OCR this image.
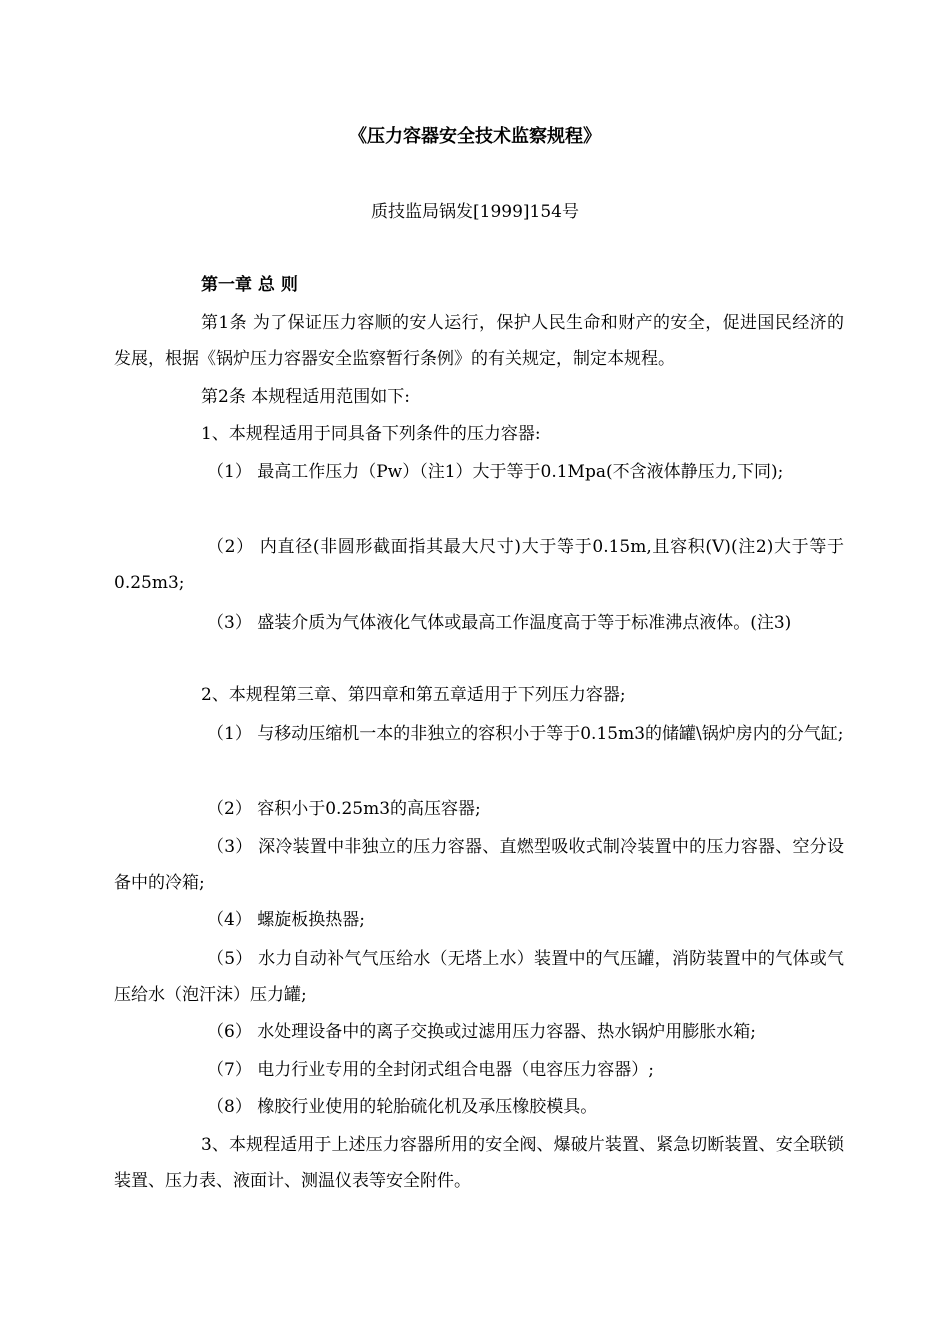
《压力容器安全技术监察规程》
质技监局锅发[1999]154号
第一章 总 则
第1条 为了保证压力容顺的安人运行，保护人民生命和财产的安全，促进国民经济的发展，根据《锅炉压力容器安全监察暂行条例》的有关规定，制定本规程。
第2条 本规程适用范围如下:
1、本规程适用于同具备下列条件的压力容器:
（1） 最高工作压力（Pw）（注1）大于等于0.1Mpa(不含液体静压力,下同);
（2） 内直径(非圆形截面指其最大尺寸)大于等于0.15m,且容积(V)(注2)大于等于0.25m3;
（3） 盛装介质为气体液化气体或最高工作温度高于等于标准沸点液体。(注3)
2、本规程第三章、第四章和第五章适用于下列压力容器;
（1） 与移动压缩机一本的非独立的容积小于等于0.15m3的储罐\锅炉房内的分气缸;
（2） 容积小于0.25m3的高压容器;
（3） 深冷装置中非独立的压力容器、直燃型吸收式制冷装置中的压力容器、空分设备中的冷箱;
（4） 螺旋板换热器;
（5） 水力自动补气气压给水（无塔上水）装置中的气压罐，消防装置中的气体或气压给水（泡汗沫）压力罐;
（6） 水处理设备中的离子交换或过滤用压力容器、热水锅炉用膨胀水箱;
（7） 电力行业专用的全封闭式组合电器（电容压力容器）;
（8） 橡胶行业使用的轮胎硫化机及承压橡胶模具。
3、本规程适用于上述压力容器所用的安全阀、爆破片装置、紧急切断装置、安全联锁装置、压力表、液面计、测温仪表等安全附件。
